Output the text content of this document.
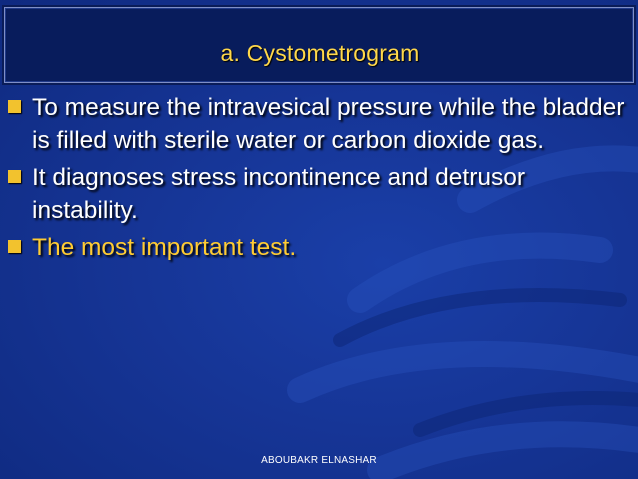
a. Cystometrogram
To measure the intravesical pressure while the bladder is filled with sterile water or carbon dioxide gas.
It diagnoses stress incontinence and detrusor instability.
The most important test.
ABOUBAKR ELNASHAR
